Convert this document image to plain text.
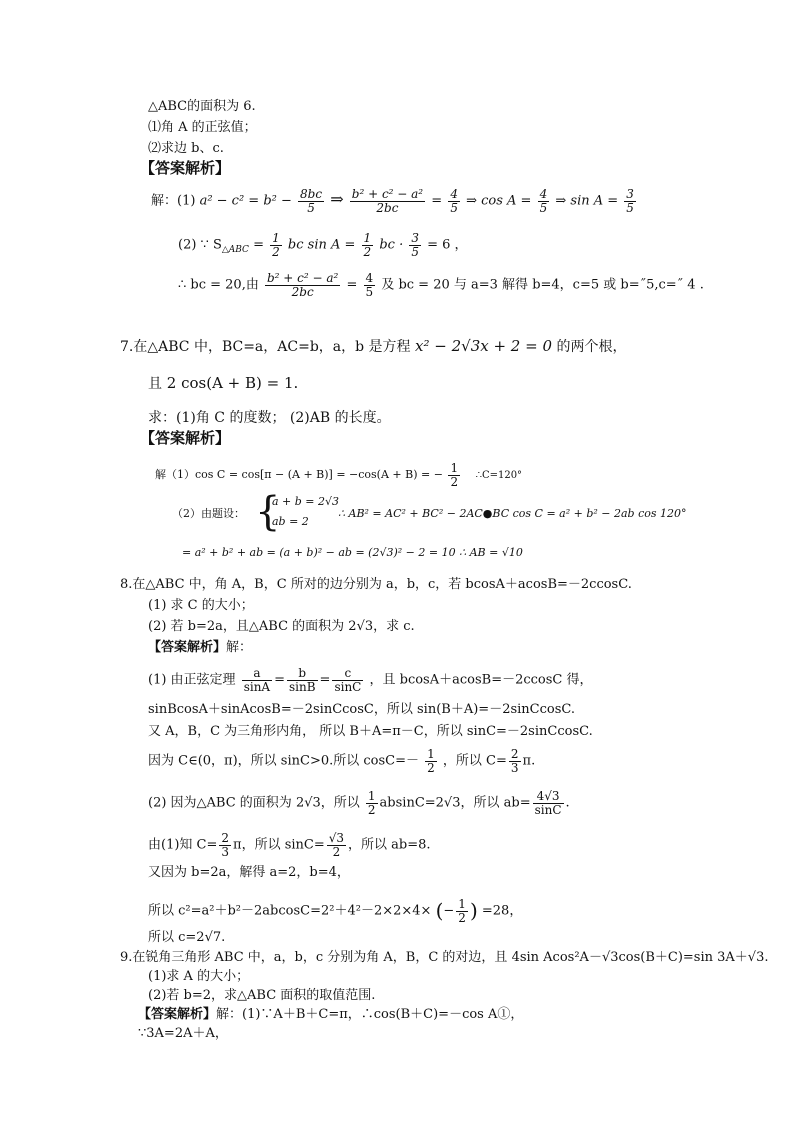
△ABC的面积为 6.
⑴角 A 的正弦值；
⑵求边 b、c.
【答案解析】
解：(1) $a^2 - c^2 = b^2 - \frac{8bc}{5}$ ⇒ $\frac{\text{b² + c² − a²}}{2bc} = \frac{4}{5}$ ⇒ $\cos A = \frac{4}{5}$ ⇒ $\sin A = \frac{3}{5}$
(2) ∵ $S_{\triangle ABC} = \frac{1}{2}$ bc $\sin A = \frac{1}{2}$ bc · $\frac{3}{5} = 6$ ，
∴ bc = 20,由 $\frac{\text{b² + c² − a²}}{2bc} = \frac{4}{5}$ 及 bc = 20 与 a=3 解得 b=4，c=5 或 b=˝5,c=˝ 4 .
7.在△ABC 中，BC=a，AC=b，a，b 是方程 x² − 2√3x + 2 = 0 的两个根，
且 2 cos(A + B) = 1.
求：(1)角 C 的度数； (2)AB 的长度。
【答案解析】
解（1）cos C = cos[π − (A + B)] = −cos(A + B) = − $\frac{1}{2}$ ∴C=120°
（2）由题设： {
a + b = 2√3
ab = 2
∴ AB² = AC² + BC² − 2AC●BC cos C = a² + b² − 2ab cos 120°
= a² + b² + ab = (a + b)² − ab = (2√3)² − 2 = 10 ∴ AB = √10
8.在△ABC 中，角 A，B，C 所对的边分别为 a，b，c，若 bcosA＋acosB=－2ccosC.
(1) 求 C 的大小；
(2) 若 b=2a，且△ABC 的面积为 2√3，求 c.
【答案解析】解：
(1) 由正弦定理 $\frac{a}{\sin A} = \frac{b}{\sin B} = \frac{c}{\sin C}$ ，且 bcosA＋acosB=－2ccosC 得，
sinBcosA＋sinAcosB=－2sinCcosC，所以 sin(B＋A)=－2sinCcosC.
又 A，B，C 为三角形内角， 所以 B＋A=π－C，所以 sinC=－2sinCcosC.
因为 C∈(0，π)，所以 sinC>0.所以 $\cos C=- \frac{1}{2}$ ，所以 $C= \frac{2}{3} \pi$.
(2) 因为△ABC 的面积为 2√3，所以 $\frac{1}{2} absinC=2√3$，所以 $ab= \frac{4√3}{\sin C}$ .
由(1)知 $C= \frac{2}{3}$ π，所以 $\sin C= \frac{√3}{2}$ ，所以 ab=8.
又因为 b=2a，解得 a=2，b=4，
所以 c²=a²＋b²－2abcosC=2²＋4²－2×2×4× (− $\frac{1}{2}$ ) =28，
所以 c=2√7.
9.在锐角三角形 ABC 中，a，b，c 分别为角 A，B，C 的对边，且 4sin Acos²A－√3cos(B＋C)=sin 3A＋√3.
(1)求 A 的大小；
(2)若 b=2，求△ABC 面积的取值范围.
【答案解析】解：(1)∵A＋B＋C=π，∴cos(B＋C)=－cos A①，
∵3A=2A＋A，
